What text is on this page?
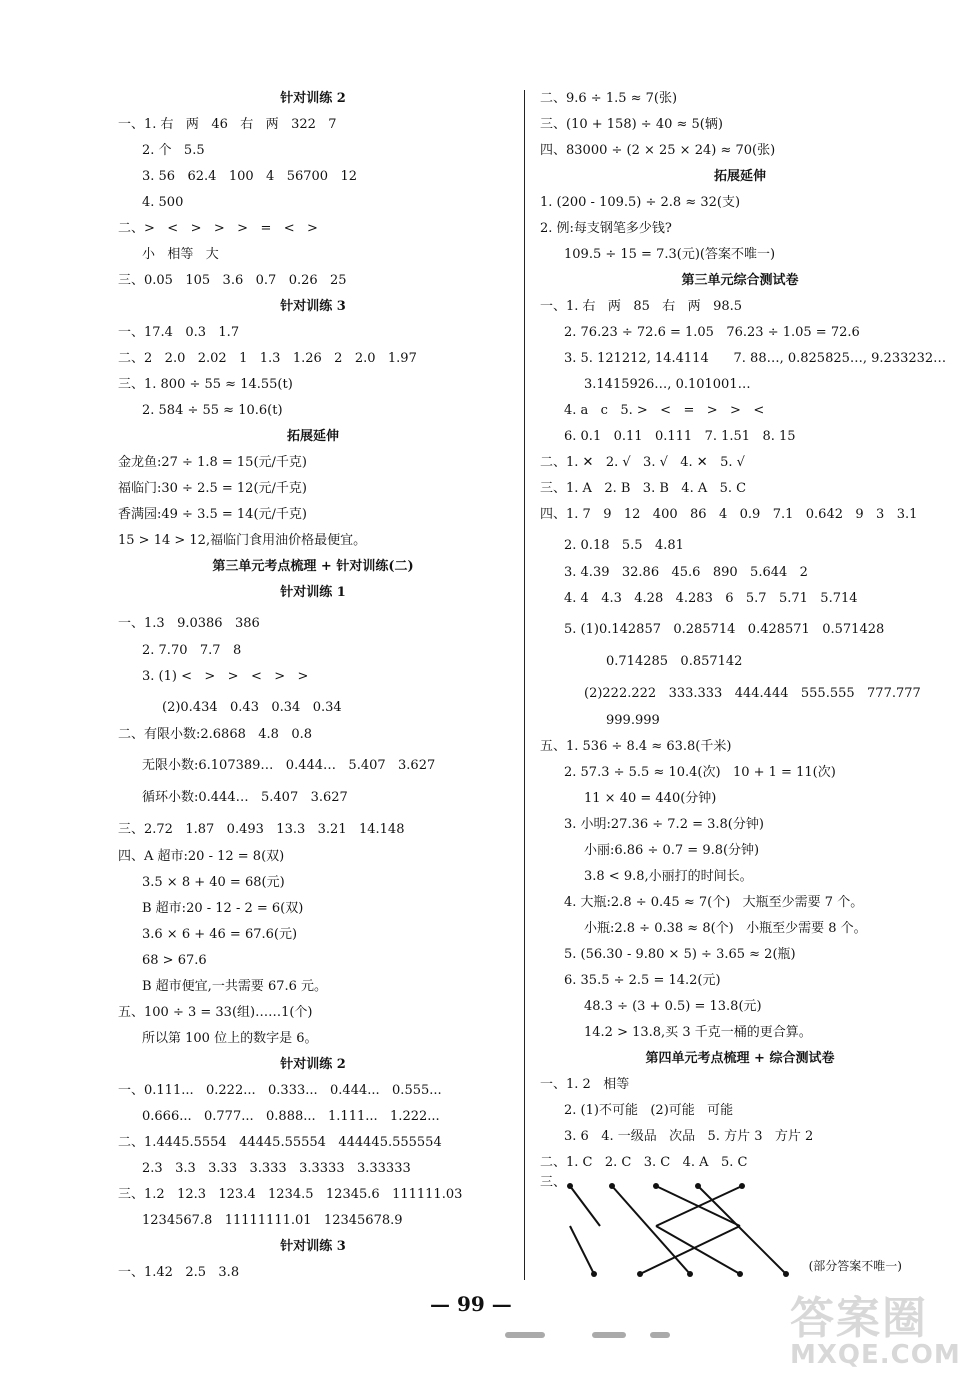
针对训练 2
一、1. 右   两   46   右   两   322   7
2. 个   5.5
3. 56   62.4   100   4   56700   12
4. 500
二、>   <   >   >   >   =   <   >
小   相等   大
三、0.05   105   3.6   0.7   0.26   25
针对训练 3
一、17.4   0.3   1.7
二、2   2.0   2.02   1   1.3   1.26   2   2.0   1.97
三、1. 800 ÷ 55 ≈ 14.55(t)
2. 584 ÷ 55 ≈ 10.6(t)
拓展延伸
金龙鱼:27 ÷ 1.8 = 15(元/千克)
福临门:30 ÷ 2.5 = 12(元/千克)
香满园:49 ÷ 3.5 = 14(元/千克)
15 > 14 > 12,福临门食用油价格最便宜。
第三单元考点梳理 + 针对训练(二)
针对训练 1
一、1.3   9.0386   386
2. 7.70   7.7   8
3. (1) <   >   >   <   >   >
(2)0.434   0.43   0.34   0.34
二、有限小数:2.6868   4.8   0.8
无限小数:6.107389…   0.444…   5.407   3.627
循环小数:0.444…   5.407   3.627
三、2.72   1.87   0.493   13.3   3.21   14.148
四、A 超市:20 - 12 = 8(双)
3.5 × 8 + 40 = 68(元)
B 超市:20 - 12 - 2 = 6(双)
3.6 × 6 + 46 = 67.6(元)
68 > 67.6
B 超市便宜,一共需要 67.6 元。
五、100 ÷ 3 = 33(组)……1(个)
所以第 100 位上的数字是 6。
针对训练 2
一、0.111...   0.222...   0.333...   0.444...   0.555...
0.666...   0.777...   0.888...   1.111...   1.222...
二、1.4445.5554   44445.55554   444445.555554
2.3   3.3   3.33   3.333   3.3333   3.33333
三、1.2   12.3   123.4   1234.5   12345.6   111111.03
1234567.8   11111111.01   12345678.9
针对训练 3
一、1.42   2.5   3.8
二、9.6 ÷ 1.5 ≈ 7(张)
三、(10 + 158) ÷ 40 ≈ 5(辆)
四、83000 ÷ (2 × 25 × 24) ≈ 70(张)
拓展延伸
1. (200 - 109.5) ÷ 2.8 ≈ 32(支)
2. 例:每支钢笔多少钱?
109.5 ÷ 15 = 7.3(元)(答案不唯一)
第三单元综合测试卷
一、1. 右   两   85   右   两   98.5
2. 76.23 ÷ 72.6 = 1.05   76.23 ÷ 1.05 = 72.6
3. 5. 121212, 14.4114      7. 88…, 0.825825…, 9.233232…
3.1415926…, 0.101001…
4. a   c   5. >   <   =   >   >   <
6. 0.1   0.11   0.111   7. 1.51   8. 15
二、1. ✕   2. √   3. √   4. ✕   5. √
三、1. A   2. B   3. B   4. A   5. C
四、1. 7   9   12   400   86   4   0.9   7.1   0.642   9   3   3.1
2. 0.18   5.5   4.81
3. 4.39   32.86   45.6   890   5.644   2
4. 4   4.3   4.28   4.283   6   5.7   5.71   5.714
5. (1)0.142857   0.285714   0.428571   0.571428
0.714285   0.857142
(2)222.222   333.333   444.444   555.555   777.777
999.999
五、1. 536 ÷ 8.4 ≈ 63.8(千米)
2. 57.3 ÷ 5.5 ≈ 10.4(次)   10 + 1 = 11(次)
11 × 40 = 440(分钟)
3. 小明:27.36 ÷ 7.2 = 3.8(分钟)
小丽:6.86 ÷ 0.7 = 9.8(分钟)
3.8 < 9.8,小丽打的时间长。
4. 大瓶:2.8 ÷ 0.45 ≈ 7(个)   大瓶至少需要 7 个。
小瓶:2.8 ÷ 0.38 ≈ 8(个)   小瓶至少需要 8 个。
5. (56.30 - 9.80 × 5) ÷ 3.65 ≈ 2(瓶)
6. 35.5 ÷ 2.5 = 14.2(元)
48.3 ÷ (3 + 0.5) = 13.8(元)
14.2 > 13.8,买 3 千克一桶的更合算。
第四单元考点梳理 + 综合测试卷
一、1. 2   相等
2. (1)不可能   (2)可能   可能
3. 6   4. 一级品   次品   5. 方片 3   方片 2
二、1. C   2. C   3. C   4. A   5. C
三、
(部分答案不唯一)
— 99 —	答案圈
MXQE.COM
